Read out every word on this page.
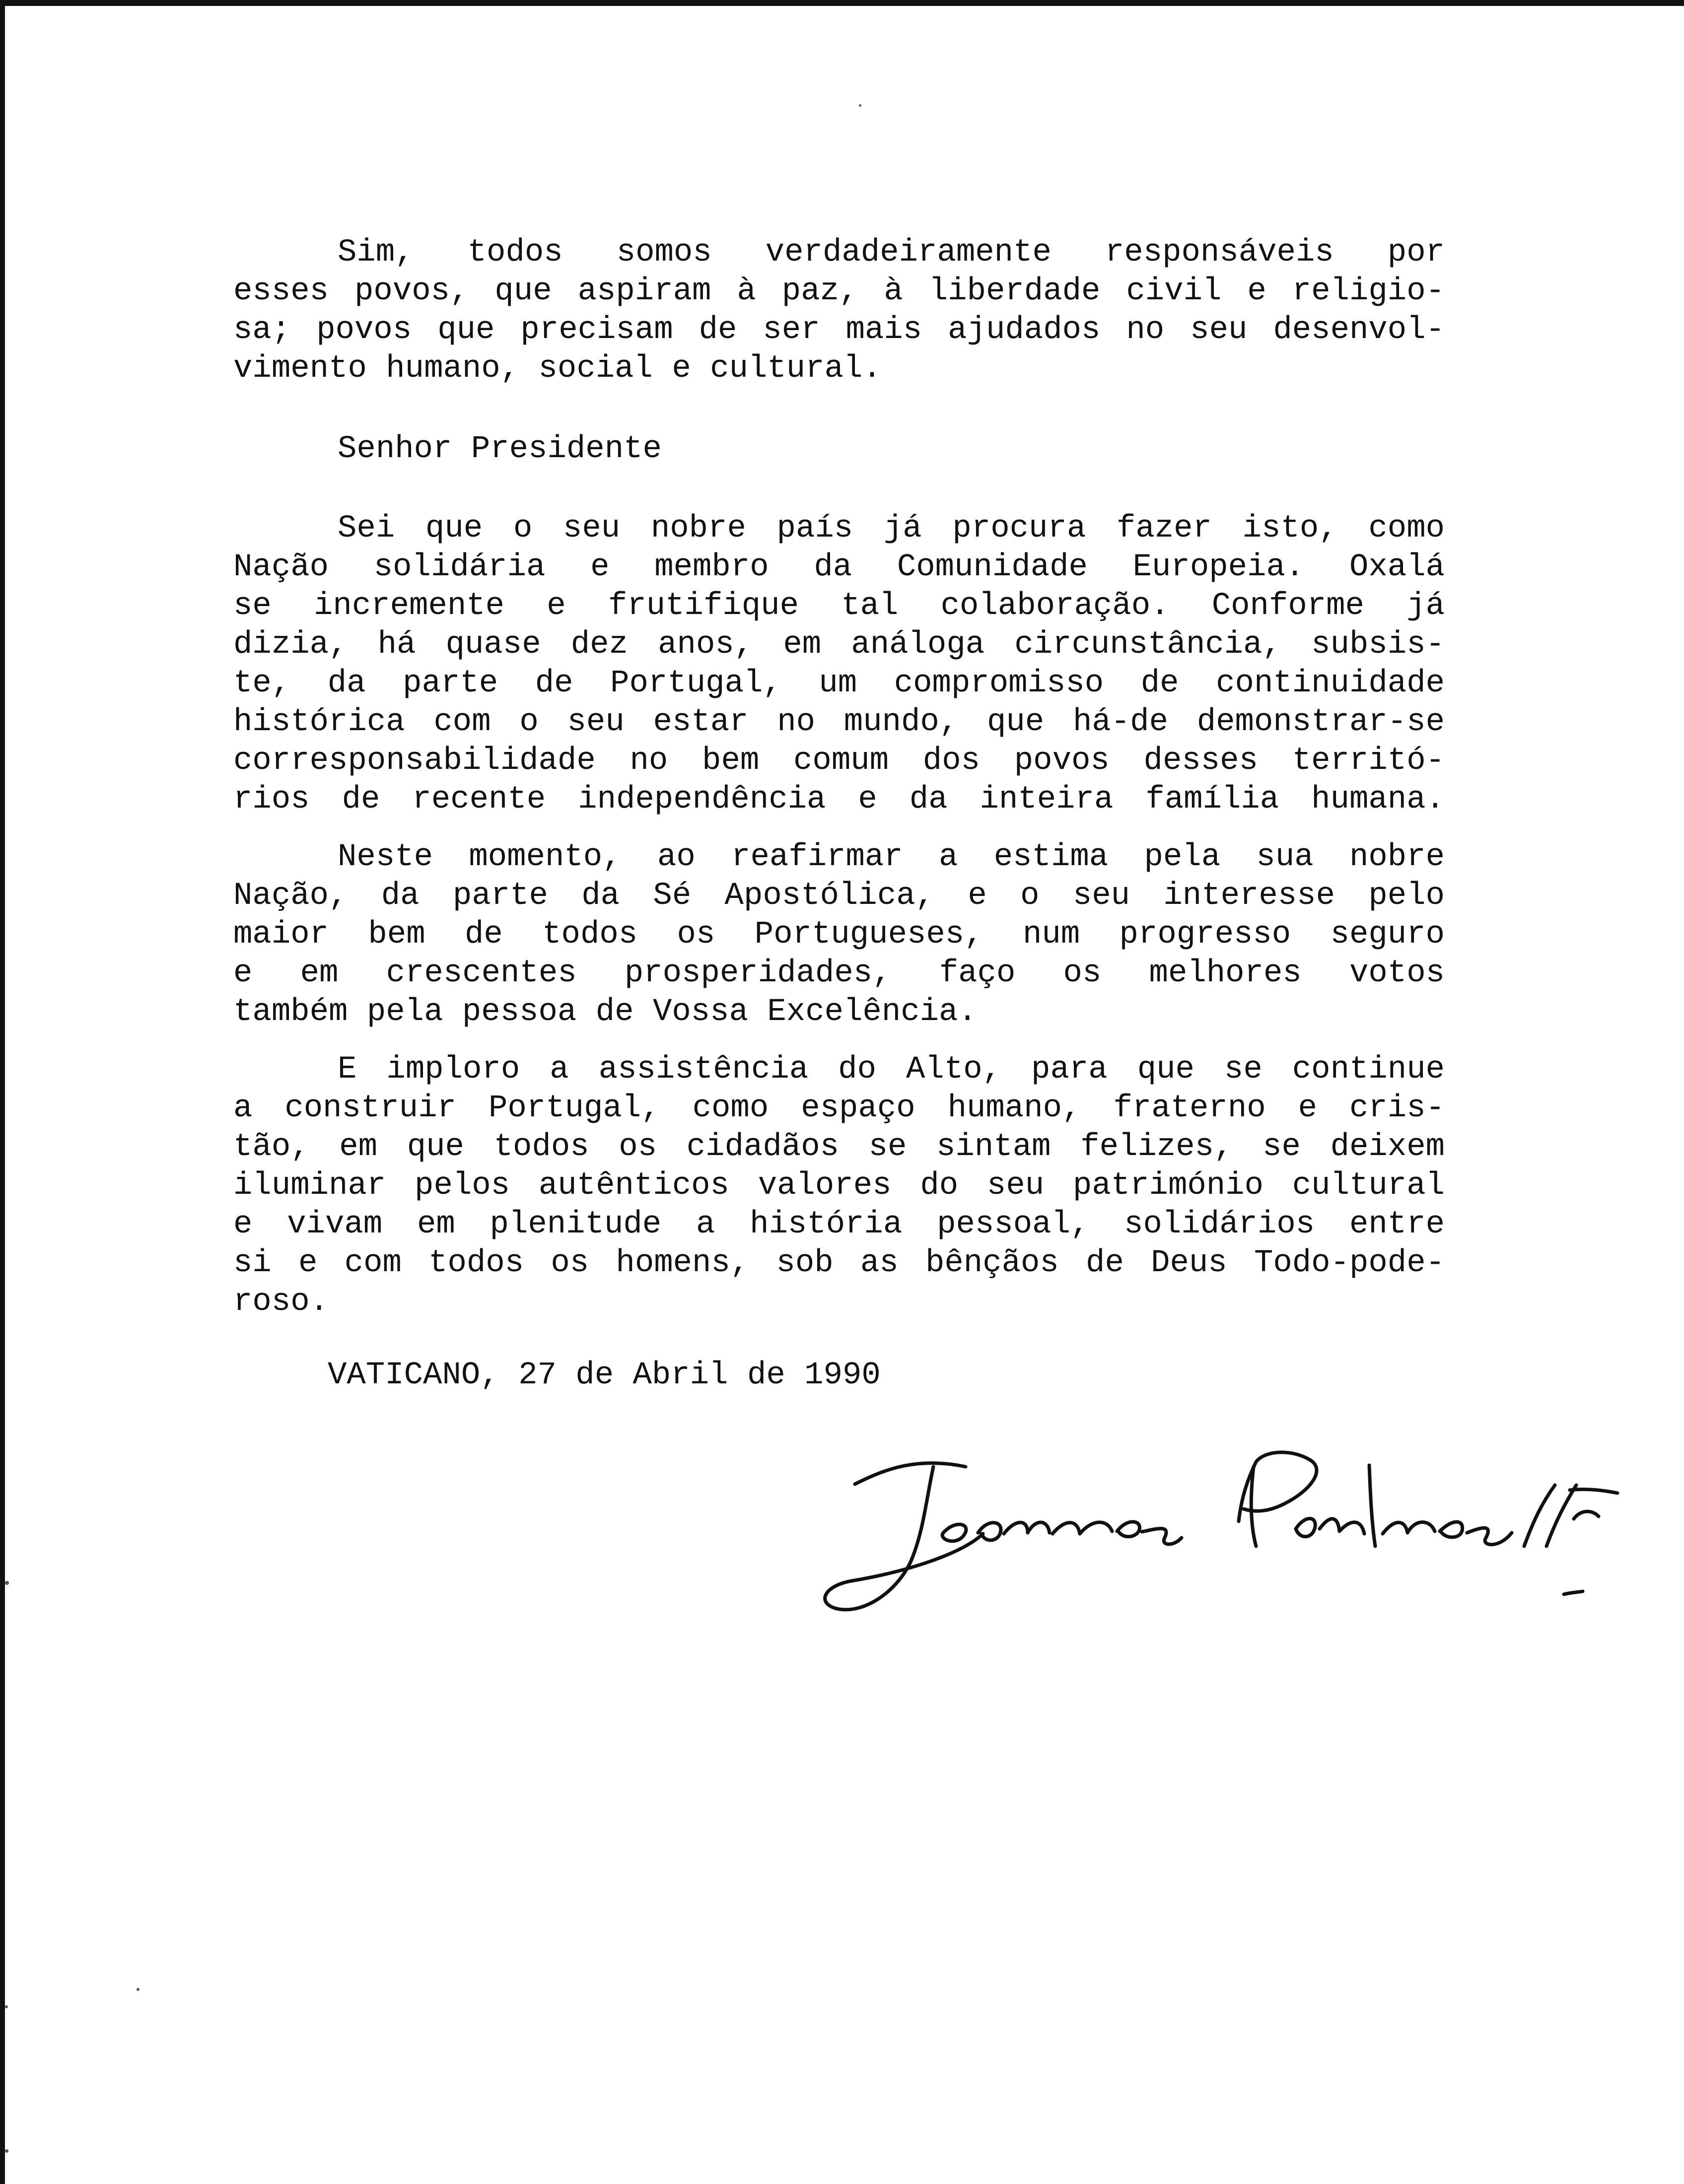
Sim, todos somos verdadeiramente responsáveis por
esses povos, que aspiram à paz, à liberdade civil e religio-
sa; povos que precisam de ser mais ajudados no seu desenvol-
vimento humano, social e cultural.
Senhor Presidente
Sei que o seu nobre país já procura fazer isto, como
Nação solidária e membro da Comunidade Europeia. Oxalá
se incremente e frutifique tal colaboração. Conforme já
dizia, há quase dez anos, em análoga circunstância, subsis-
te, da parte de Portugal, um compromisso de continuidade
histórica com o seu estar no mundo, que há-de demonstrar-se
corresponsabilidade no bem comum dos povos desses territó-
rios de recente independência e da inteira família humana.
Neste momento, ao reafirmar a estima pela sua nobre
Nação, da parte da Sé Apostólica, e o seu interesse pelo
maior bem de todos os Portugueses, num progresso seguro
e em crescentes prosperidades, faço os melhores votos
também pela pessoa de Vossa Excelência.
E imploro a assistência do Alto, para que se continue
a construir Portugal, como espaço humano, fraterno e cris-
tão, em que todos os cidadãos se sintam felizes, se deixem
iluminar pelos autênticos valores do seu património cultural
e vivam em plenitude a história pessoal, solidários entre
si e com todos os homens, sob as bênçãos de Deus Todo-pode-
roso.
VATICANO, 27 de Abril de 1990
